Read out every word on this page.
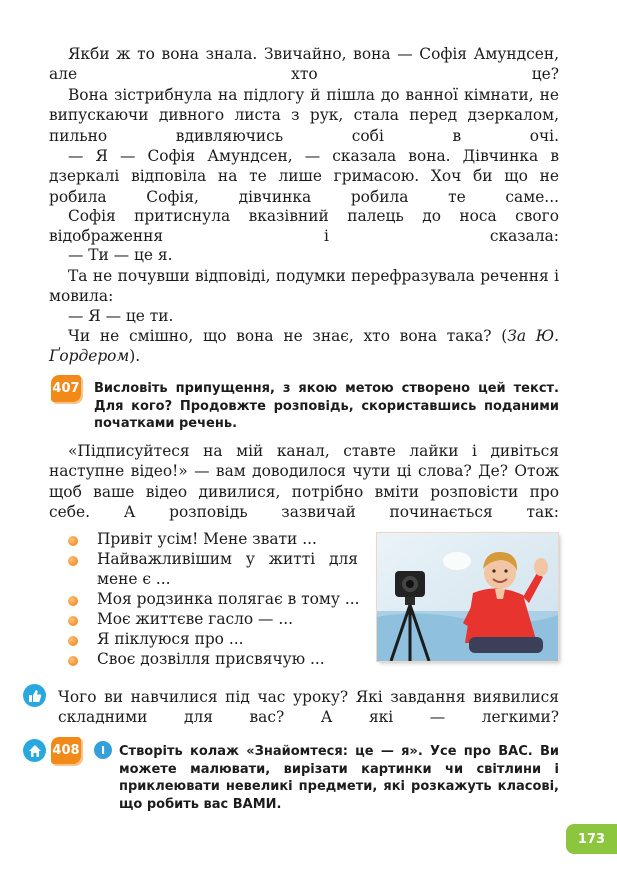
Якби ж то вона знала. Звичайно, вона — Софія Амундсен, але хто це?
Вона зістрибнула на підлогу й пішла до ванної кімнати, не випускаючи дивного листа з рук, стала перед дзеркалом, пильно вдивляючись собі в очі.
— Я — Софія Амундсен, — сказала вона. Дівчинка в дзеркалі відповіла на те лише гримасою. Хоч би що не робила Софія, дівчинка робила те саме...
Софія притиснула вказівний палець до носа свого відображення і сказала:
— Ти — це я.
Та не почувши відповіді, подумки перефразувала речення і мовила:
— Я — це ти.
Чи не смішно, що вона не знає, хто вона така? (За Ю. Ґордером).
407 Висловіть припущення, з якою метою створено цей текст. Для кого? Продовжте розповідь, скориставшись поданими початками речень.
«Підписуйтеся на мій канал, ставте лайки і дивіться наступне відео!» — вам доводилося чути ці слова? Де? Отож щоб ваше відео дивилися, потрібно вміти розповісти про себе. А розповідь зазвичай починається так:
Привіт усім! Мене звати ...
Найважливішим у житті для
мене є ...
Моя родзинка полягає в тому ...
Моє життєве гасло — ...
Я піклуюся про ...
Своє дозвілля присвячую ...
Чого ви навчилися під час уроку? Які завдання виявилися складними для вас? А які — легкими?
408	I	Створіть колаж «Знайомтеся: це — я». Усе про ВАС. Ви можете малювати, вирізати картинки чи світлини і приклеювати невеликі предмети, які розкажуть класові, що робить вас ВАМИ.
173
